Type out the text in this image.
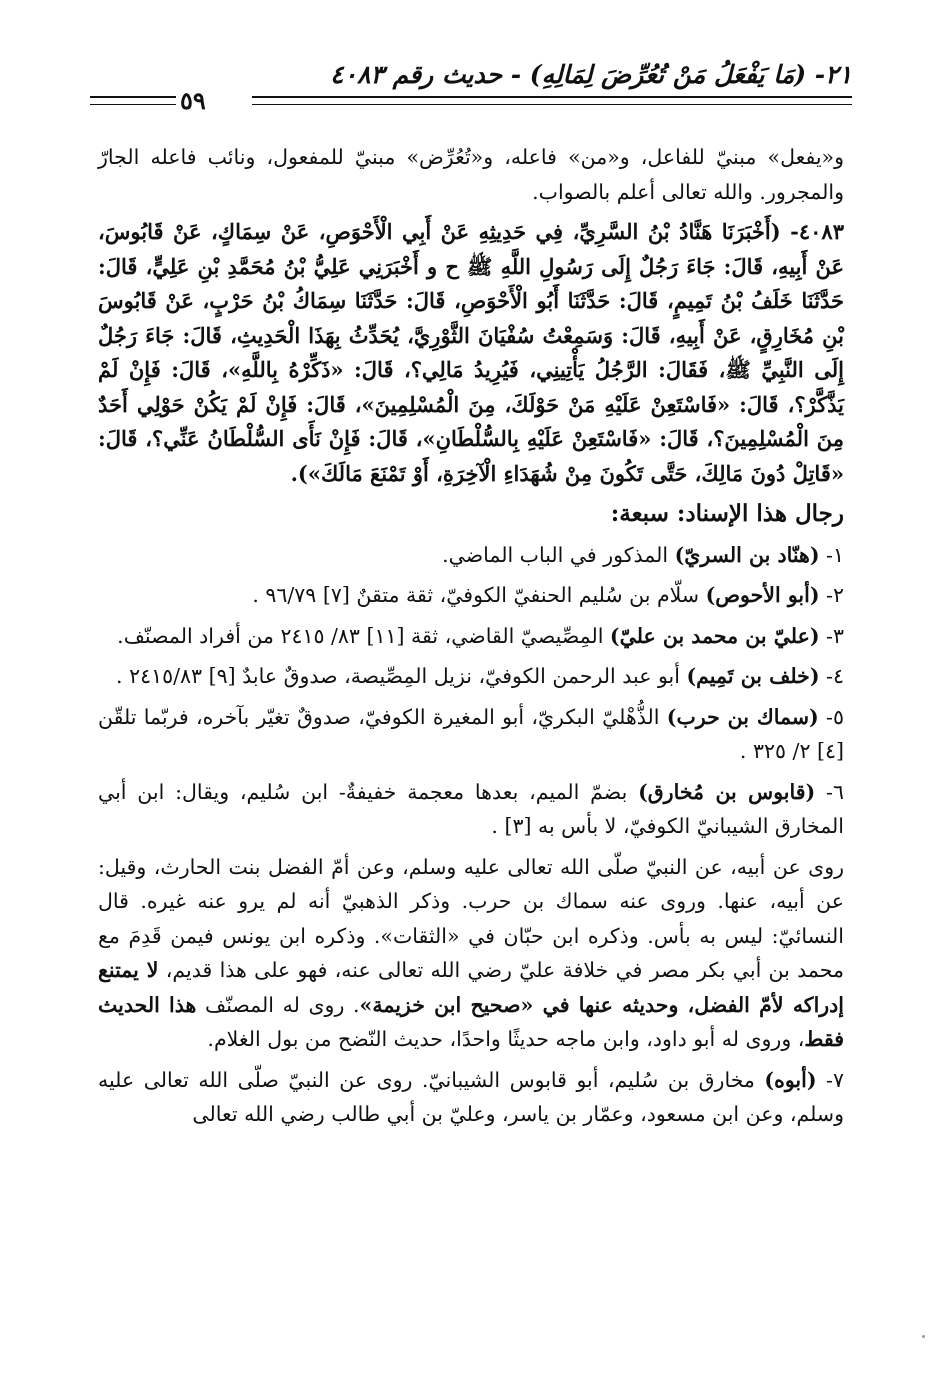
٢١- (مَا يَفْعَلُ مَنْ تُعُرِّضَ لِمَالِهِ) - حديث رقم ٤٠٨٣
٥٩

و«يفعل» مبنيّ للفاعل، و«من» فاعله، و«تُعُرِّض» مبنيّ للمفعول، ونائب فاعله الجارّ والمجرور. والله تعالى أعلم بالصواب.

٤٠٨٣- (أَخْبَرَنَا هَنَّادُ بْنُ السَّرِيِّ، فِي حَدِيثِهِ عَنْ أَبِي الْأَحْوَصِ، عَنْ سِمَاكٍ، عَنْ قَابُوسَ، عَنْ أَبِيهِ، قَالَ: جَاءَ رَجُلٌ إِلَى رَسُولِ اللَّهِ ﷺ ح و أَخْبَرَنِي عَلِيُّ بْنُ مُحَمَّدِ بْنِ عَلِيٍّ، قَالَ: حَدَّثَنَا خَلَفُ بْنُ تَمِيمٍ، قَالَ: حَدَّثَنَا أَبُو الْأَحْوَصِ، قَالَ: حَدَّثَنَا سِمَاكُ بْنُ حَرْبٍ، عَنْ قَابُوسَ بْنِ مُخَارِقٍ، عَنْ أَبِيهِ، قَالَ: وَسَمِعْتُ سُفْيَانَ الثَّوْرِيَّ، يُحَدِّثُ بِهَذَا الْحَدِيثِ، قَالَ: جَاءَ رَجُلٌ إِلَى النَّبِيِّ ﷺ، فَقَالَ: الرَّجُلُ يَأْتِينِي، فَيُرِيدُ مَالِي؟، قَالَ: «ذَكِّرْهُ بِاللَّهِ»، قَالَ: فَإِنْ لَمْ يَذَّكَّرْ؟، قَالَ: «فَاسْتَعِنْ عَلَيْهِ مَنْ حَوْلَكَ، مِنَ الْمُسْلِمِينَ»، قَالَ: فَإِنْ لَمْ يَكُنْ حَوْلِي أَحَدٌ مِنَ الْمُسْلِمِينَ؟، قَالَ: «فَاسْتَعِنْ عَلَيْهِ بِالسُّلْطَانِ»، قَالَ: فَإِنْ نَأَى السُّلْطَانُ عَنِّي؟، قَالَ: «قَاتِلْ دُونَ مَالِكَ، حَتَّى تَكُونَ مِنْ شُهَدَاءِ الْآخِرَةِ، أَوْ تَمْنَعَ مَالَكَ»).

رجال هذا الإسناد: سبعة:

١- (هنّاد بن السريّ) المذكور في الباب الماضي.

٢- (أبو الأحوص) سلّام بن سُليم الحنفيّ الكوفيّ، ثقة متقنٌ [٧] ٩٦/٧٩ .

٣- (عليّ بن محمد بن عليّ) المِصِّيصيّ القاضي، ثقة [١١] ٨٣/ ٢٤١٥ من أفراد المصنّف.

٤- (خلف بن تَمِيم) أبو عبد الرحمن الكوفيّ، نزيل المِصِّيصة، صدوقٌ عابدٌ [٩] ٢٤١٥/٨٣ .

٥- (سماك بن حرب) الذُّهْليّ البكريّ، أبو المغيرة الكوفيّ، صدوقٌ تغيّر بآخره، فربّما تلقّن [٤] ٢/ ٣٢٥ .

٦- (قابوس بن مُخارق) بضمّ الميم، بعدها معجمة خفيفةٌ- ابن سُليم، ويقال: ابن أبي المخارق الشيبانيّ الكوفيّ، لا بأس به [٣] .

روى عن أبيه، عن النبيّ صلّى الله تعالى عليه وسلم، وعن أمّ الفضل بنت الحارث، وقيل: عن أبيه، عنها. وروى عنه سماك بن حرب. وذكر الذهبيّ أنه لم يرو عنه غيره. قال النسائيّ: ليس به بأس. وذكره ابن حبّان في «الثقات». وذكره ابن يونس فيمن قَدِمَ مع محمد بن أبي بكر مصر في خلافة عليّ رضي الله تعالى عنه، فهو على هذا قديم، لا يمتنع إدراكه لأمّ الفضل، وحديثه عنها في «صحيح ابن خزيمة». روى له المصنّف هذا الحديث فقط، وروى له أبو داود، وابن ماجه حديثًا واحدًا، حديث النّضح من بول الغلام.

٧- (أبوه) مخارق بن سُليم، أبو قابوس الشيبانيّ. روى عن النبيّ صلّى الله تعالى عليه وسلم، وعن ابن مسعود، وعمّار بن ياسر، وعليّ بن أبي طالب رضي الله تعالى
